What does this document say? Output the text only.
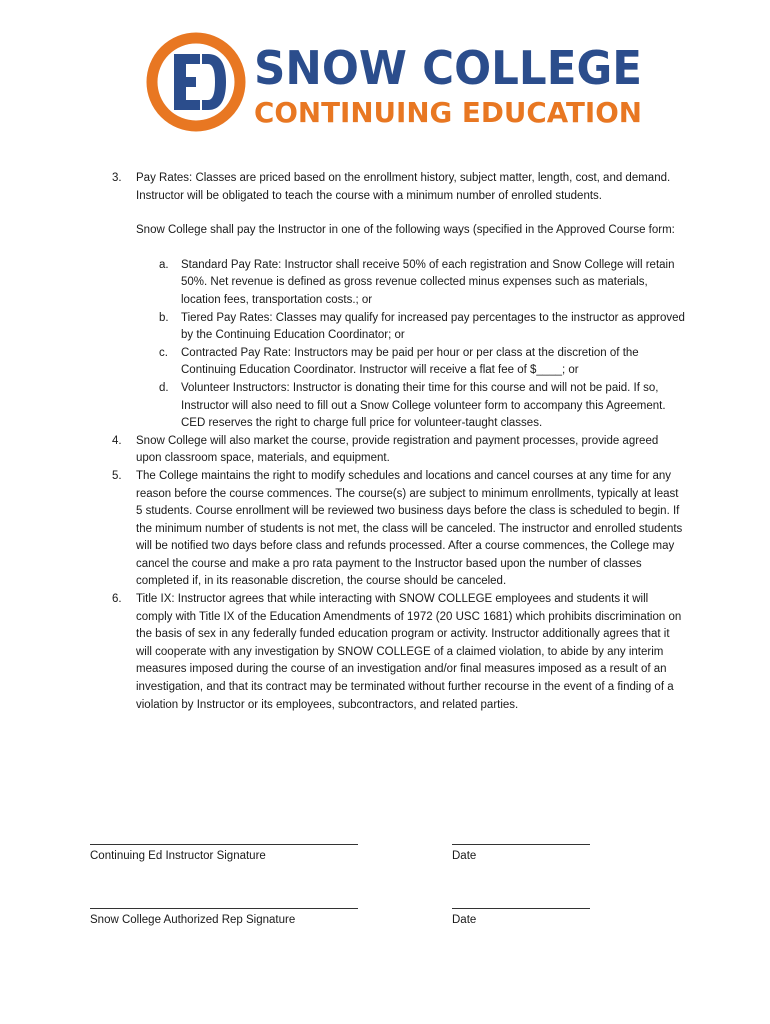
SNOW COLLEGE
CONTINUING EDUCATION
3. Pay Rates: Classes are priced based on the enrollment history, subject matter, length, cost, and demand. Instructor will be obligated to teach the course with a minimum number of enrolled students.
Snow College shall pay the Instructor in one of the following ways (specified in the Approved Course form:
a. Standard Pay Rate: Instructor shall receive 50% of each registration and Snow College will retain 50%. Net revenue is defined as gross revenue collected minus expenses such as materials, location fees, transportation costs.; or
b. Tiered Pay Rates: Classes may qualify for increased pay percentages to the instructor as approved by the Continuing Education Coordinator; or
c. Contracted Pay Rate: Instructors may be paid per hour or per class at the discretion of the Continuing Education Coordinator. Instructor will receive a flat fee of $____; or
d. Volunteer Instructors: Instructor is donating their time for this course and will not be paid. If so, Instructor will also need to fill out a Snow College volunteer form to accompany this Agreement. CED reserves the right to charge full price for volunteer-taught classes.
4. Snow College will also market the course, provide registration and payment processes, provide agreed upon classroom space, materials, and equipment.
5. The College maintains the right to modify schedules and locations and cancel courses at any time for any reason before the course commences. The course(s) are subject to minimum enrollments, typically at least 5 students. Course enrollment will be reviewed two business days before the class is scheduled to begin. If the minimum number of students is not met, the class will be canceled. The instructor and enrolled students will be notified two days before class and refunds processed. After a course commences, the College may cancel the course and make a pro rata payment to the Instructor based upon the number of classes completed if, in its reasonable discretion, the course should be canceled.
6. Title IX: Instructor agrees that while interacting with SNOW COLLEGE employees and students it will comply with Title IX of the Education Amendments of 1972 (20 USC 1681) which prohibits discrimination on the basis of sex in any federally funded education program or activity. Instructor additionally agrees that it will cooperate with any investigation by SNOW COLLEGE of a claimed violation, to abide by any interim measures imposed during the course of an investigation and/or final measures imposed as a result of an investigation, and that its contract may be terminated without further recourse in the event of a finding of a violation by Instructor or its employees, subcontractors, and related parties.
Continuing Ed Instructor Signature	Date
Snow College Authorized Rep Signature	Date
